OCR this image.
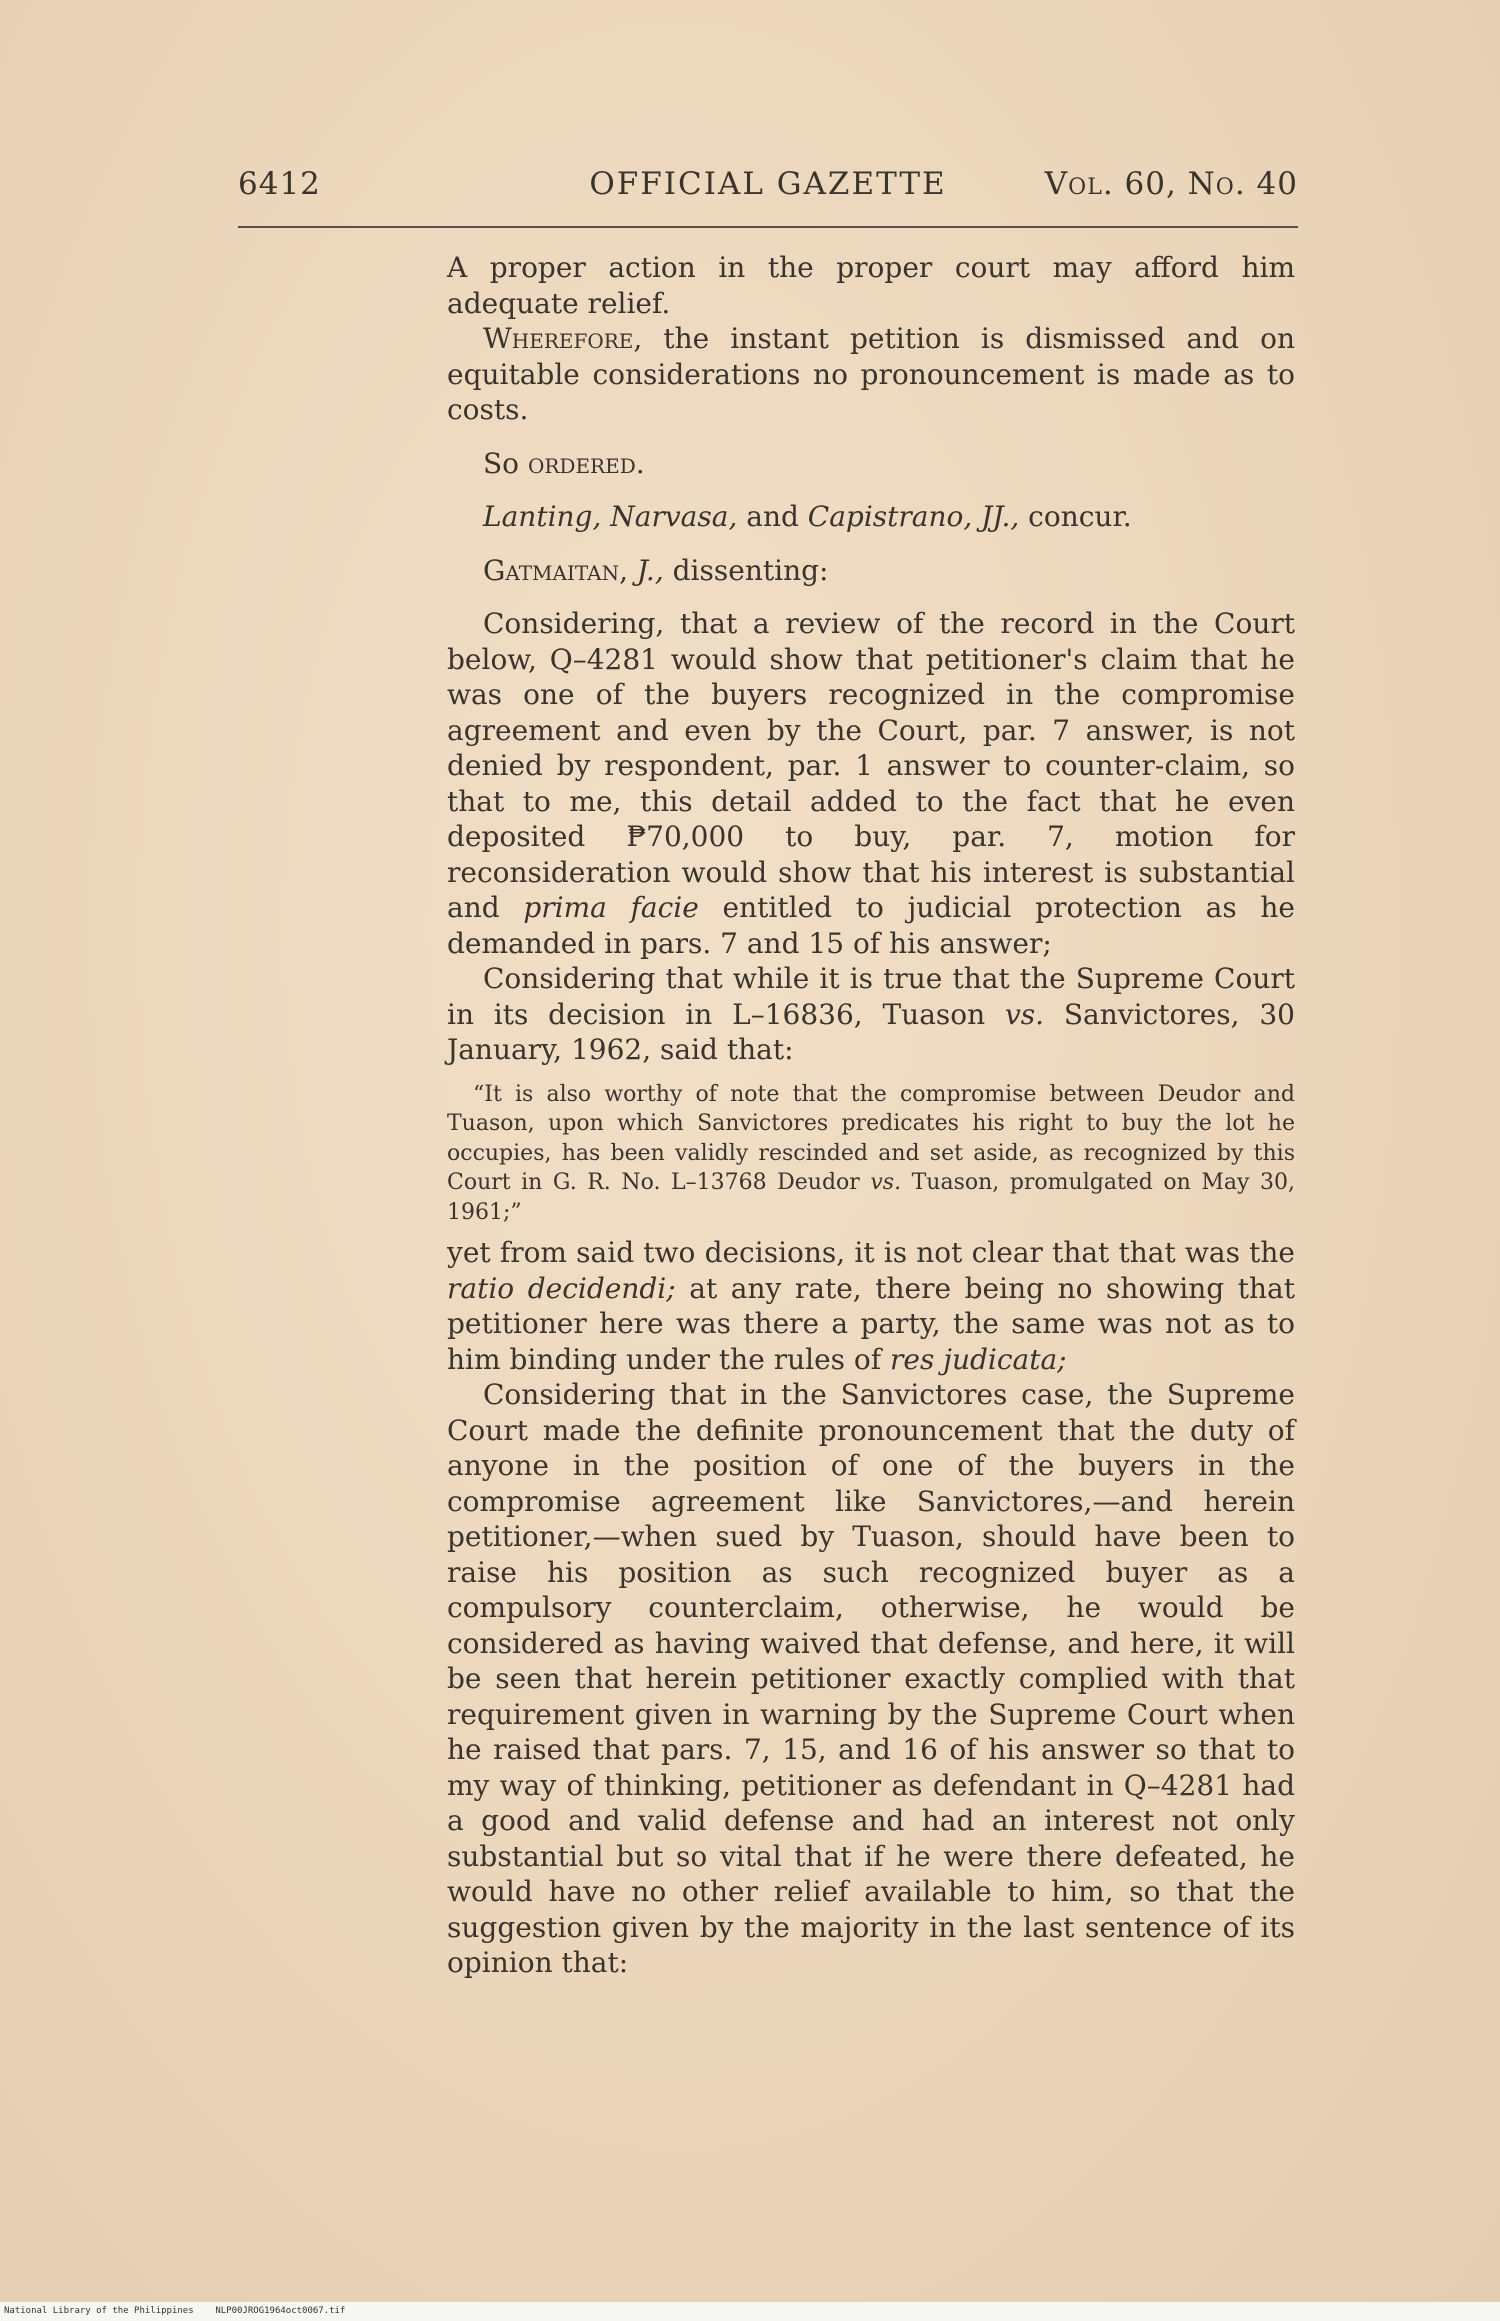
6412	OFFICIAL GAZETTE	Vol. 60, No. 40

A proper action in the proper court may afford him adequate relief.

Wherefore, the instant petition is dismissed and on equitable considerations no pronouncement is made as to costs.

So ordered.

Lanting, Narvasa, and Capistrano, JJ., concur.

Gatmaitan, J., dissenting:

Considering, that a review of the record in the Court below, Q–4281 would show that petitioner's claim that he was one of the buyers recognized in the compromise agreement and even by the Court, par. 7 answer, is not denied by respondent, par. 1 answer to counter-claim, so that to me, this detail added to the fact that he even deposited ₱70,000 to buy, par. 7, motion for reconsideration would show that his interest is substantial and prima facie entitled to judicial protection as he demanded in pars. 7 and 15 of his answer;

Considering that while it is true that the Supreme Court in its decision in L–16836, Tuason vs. Sanvictores, 30 January, 1962, said that:

“It is also worthy of note that the compromise between Deudor and Tuason, upon which Sanvictores predicates his right to buy the lot he occupies, has been validly rescinded and set aside, as recognized by this Court in G. R. No. L–13768 Deudor vs. Tuason, promulgated on May 30, 1961;”

yet from said two decisions, it is not clear that that was the ratio decidendi; at any rate, there being no showing that petitioner here was there a party, the same was not as to him binding under the rules of res judicata;

Considering that in the Sanvictores case, the Supreme Court made the definite pronouncement that the duty of anyone in the position of one of the buyers in the compromise agreement like Sanvictores,—and herein petitioner,—when sued by Tuason, should have been to raise his position as such recognized buyer as a compulsory counterclaim, otherwise, he would be considered as having waived that defense, and here, it will be seen that herein petitioner exactly complied with that requirement given in warning by the Supreme Court when he raised that pars. 7, 15, and 16 of his answer so that to my way of thinking, petitioner as defendant in Q–4281 had a good and valid defense and had an interest not only substantial but so vital that if he were there defeated, he would have no other relief available to him, so that the suggestion given by the majority in the last sentence of its opinion that:

National Library of the Philippines NLP00JROG1964oct0067.tif
